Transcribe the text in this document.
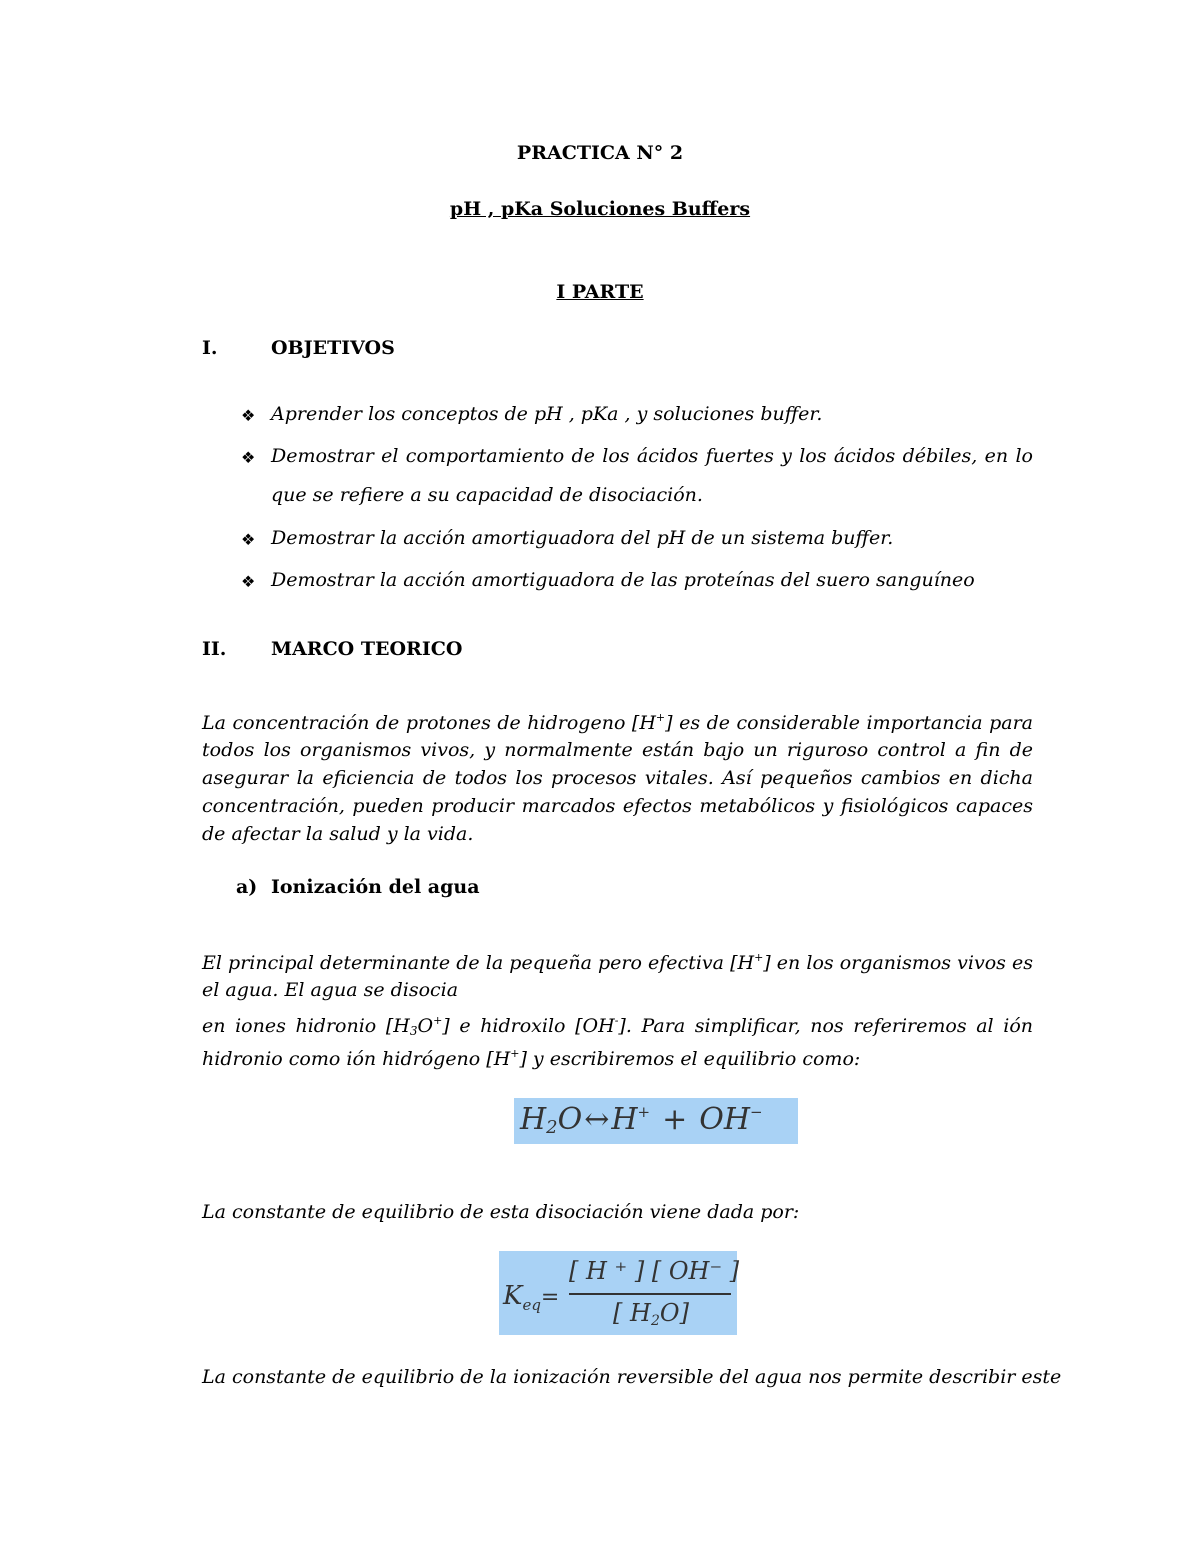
PRACTICA N° 2
pH , pKa Soluciones Buffers
I PARTE
I.	OBJETIVOS
❖ Aprender los conceptos de pH , pKa , y soluciones buffer.
❖ Demostrar el comportamiento de los ácidos fuertes y los ácidos débiles, en lo
que se refiere a su capacidad de disociación.
❖ Demostrar la acción amortiguadora del pH de un sistema buffer.
❖ Demostrar la acción amortiguadora de las proteínas del suero sanguíneo
II. MARCO TEORICO
La concentración de protones de hidrogeno [H+] es de considerable importancia para
todos los organismos vivos, y normalmente están bajo un riguroso control a fin de
asegurar la eficiencia de todos los procesos vitales. Así pequeños cambios en dicha
concentración, pueden producir marcados efectos metabólicos y fisiológicos capaces
de afectar la salud y la vida.
a) Ionización del agua
El principal determinante de la pequeña pero efectiva [H+] en los organismos vivos es
el agua. El agua se disocia
en iones hidronio $[H_3O^+]$ e hidroxilo [OH-]. Para simplificar, nos referiremos al ión
hidronio como ión hidrógeno [H+] y escribiremos el equilibrio como:
H2O↔H+ + OH−
La constante de equilibrio de esta disociación viene dada por:
$K_{eq}=$
[ H ⁺ ] [ OH⁻ ]
[ H2O]
La constante de equilibrio de la ionización reversible del agua nos permite describir este
